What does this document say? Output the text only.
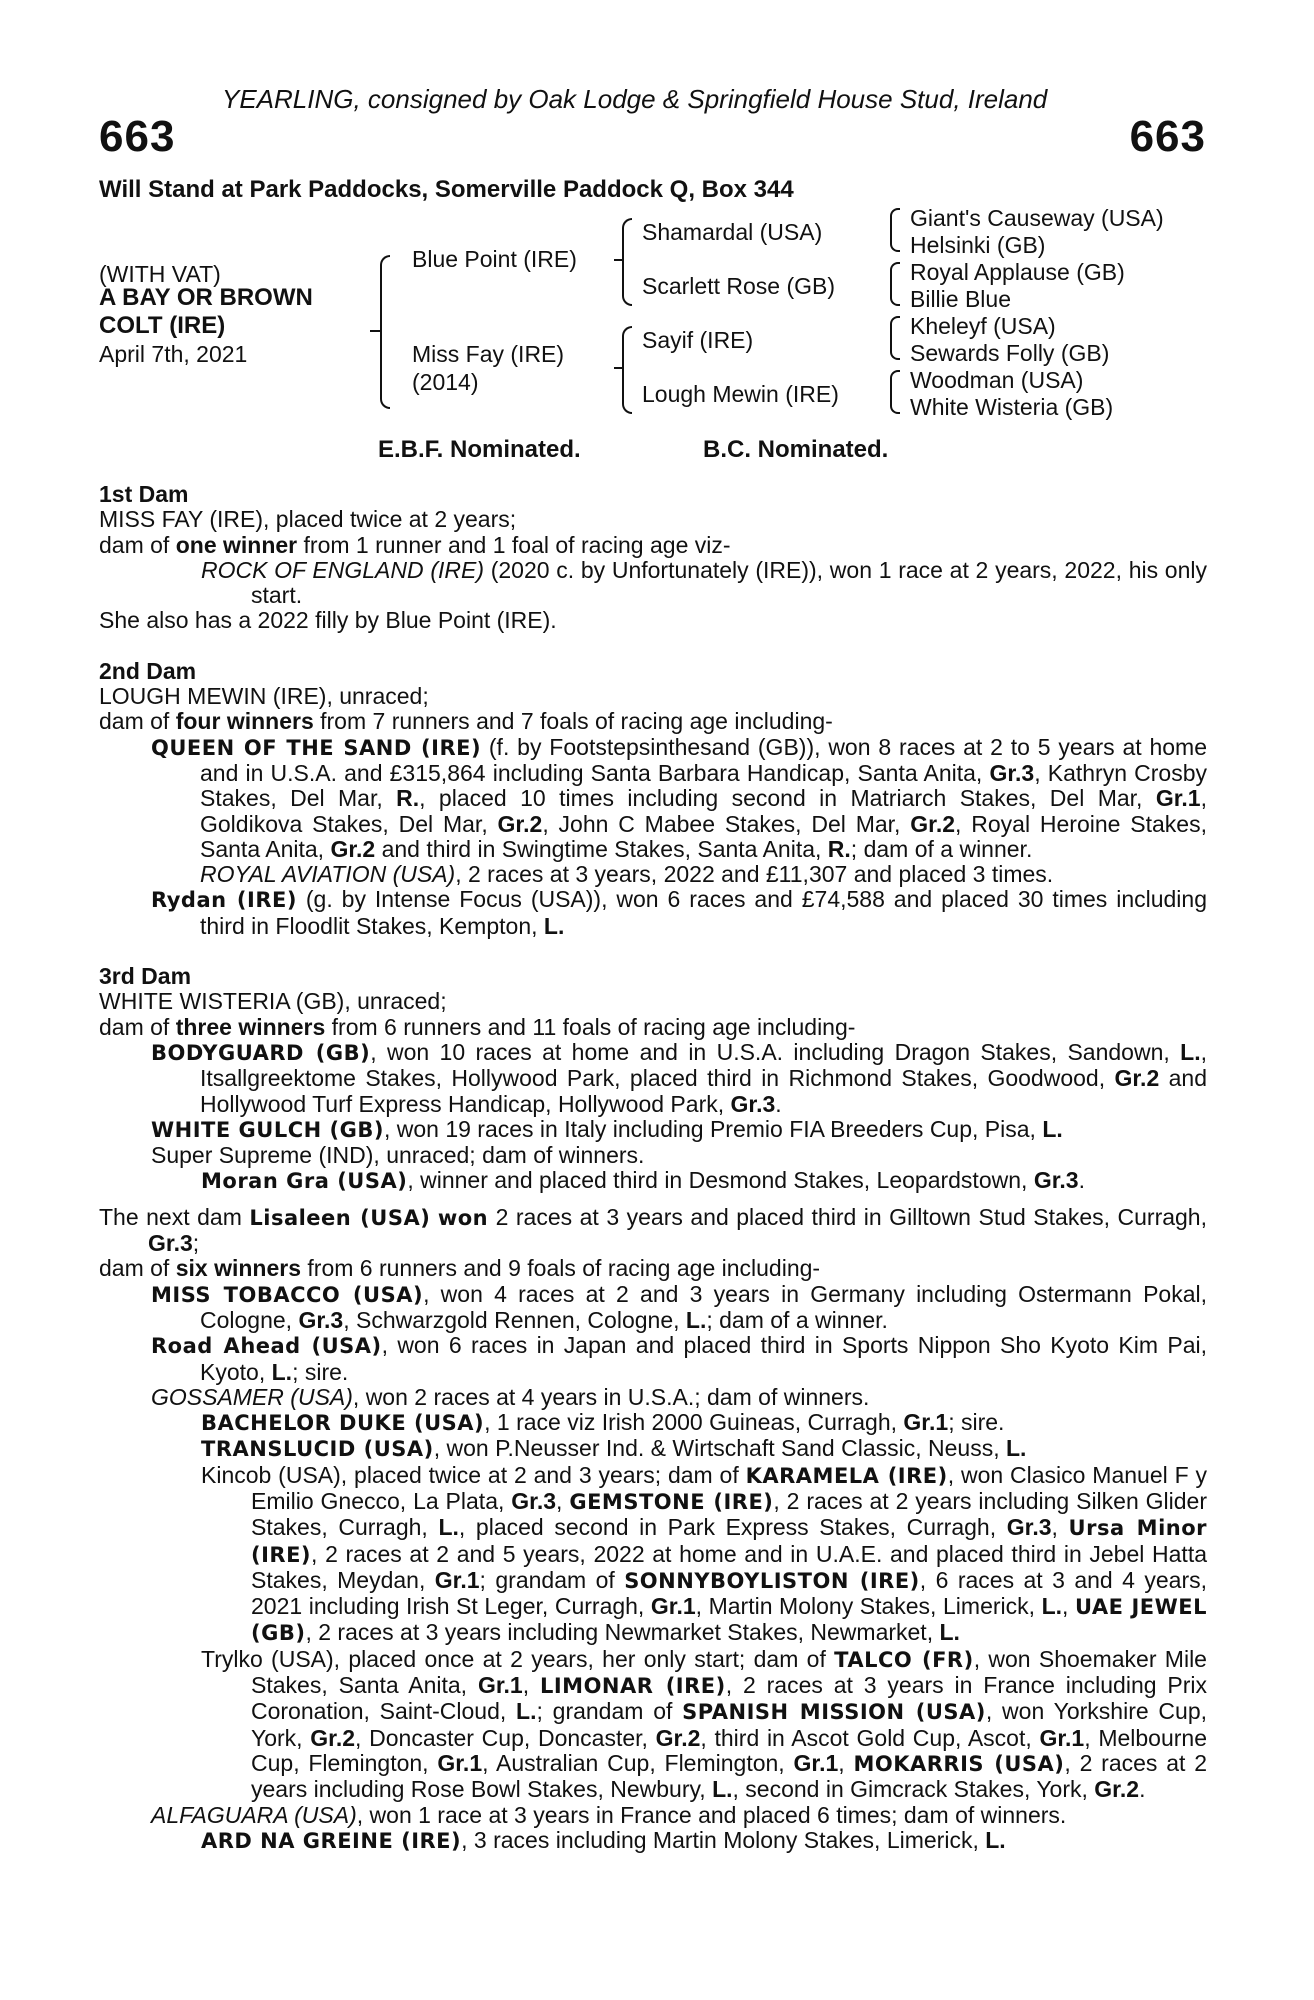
YEARLING, consigned by Oak Lodge & Springfield House Stud, Ireland
663	663
Will Stand at Park Paddocks, Somerville Paddock Q, Box 344
(WITH VAT)
A BAY OR BROWN
COLT (IRE)
April 7th, 2021
Blue Point (IRE)
Miss Fay (IRE)
(2014)
Shamardal (USA)
Scarlett Rose (GB)
Sayif (IRE)
Lough Mewin (IRE)
Giant's Causeway (USA)
Helsinki (GB)
Royal Applause (GB)
Billie Blue
Kheleyf (USA)
Sewards Folly (GB)
Woodman (USA)
White Wisteria (GB)
E.B.F. Nominated.	B.C. Nominated.

1st Dam

MISS FAY (IRE), placed twice at 2 years;

dam of one winner from 1 runner and 1 foal of racing age viz-

ROCK OF ENGLAND (IRE) (2020 c. by Unfortunately (IRE)), won 1 race at 2 years, 2022, his only start.

She also has a 2022 filly by Blue Point (IRE).

2nd Dam

LOUGH MEWIN (IRE), unraced;

dam of four winners from 7 runners and 7 foals of racing age including-

QUEEN OF THE SAND (IRE) (f. by Footstepsinthesand (GB)), won 8 races at 2 to 5 years at home and in U.S.A. and £315,864 including Santa Barbara Handicap, Santa Anita, Gr.3, Kathryn Crosby Stakes, Del Mar, R., placed 10 times including second in Matriarch Stakes, Del Mar, Gr.1, Goldikova Stakes, Del Mar, Gr.2, John C Mabee Stakes, Del Mar, Gr.2, Royal Heroine Stakes, Santa Anita, Gr.2 and third in Swingtime Stakes, Santa Anita, R.; dam of a winner.

ROYAL AVIATION (USA), 2 races at 3 years, 2022 and £11,307 and placed 3 times.

Rydan (IRE) (g. by Intense Focus (USA)), won 6 races and £74,588 and placed 30 times including third in Floodlit Stakes, Kempton, L.

3rd Dam

WHITE WISTERIA (GB), unraced;

dam of three winners from 6 runners and 11 foals of racing age including-

BODYGUARD (GB), won 10 races at home and in U.S.A. including Dragon Stakes, Sandown, L., Itsallgreektome Stakes, Hollywood Park, placed third in Richmond Stakes, Goodwood, Gr.2 and Hollywood Turf Express Handicap, Hollywood Park, Gr.3.

WHITE GULCH (GB), won 19 races in Italy including Premio FIA Breeders Cup, Pisa, L.

Super Supreme (IND), unraced; dam of winners.

Moran Gra (USA), winner and placed third in Desmond Stakes, Leopardstown, Gr.3.

The next dam Lisaleen (USA) won 2 races at 3 years and placed third in Gilltown Stud Stakes, Curragh, Gr.3;

dam of six winners from 6 runners and 9 foals of racing age including-

MISS TOBACCO (USA), won 4 races at 2 and 3 years in Germany including Ostermann Pokal, Cologne, Gr.3, Schwarzgold Rennen, Cologne, L.; dam of a winner.

Road Ahead (USA), won 6 races in Japan and placed third in Sports Nippon Sho Kyoto Kim Pai, Kyoto, L.; sire.

GOSSAMER (USA), won 2 races at 4 years in U.S.A.; dam of winners.

BACHELOR DUKE (USA), 1 race viz Irish 2000 Guineas, Curragh, Gr.1; sire.

TRANSLUCID (USA), won P.Neusser Ind. & Wirtschaft Sand Classic, Neuss, L.

Kincob (USA), placed twice at 2 and 3 years; dam of KARAMELA (IRE), won Clasico Manuel F y Emilio Gnecco, La Plata, Gr.3, GEMSTONE (IRE), 2 races at 2 years including Silken Glider Stakes, Curragh, L., placed second in Park Express Stakes, Curragh, Gr.3, Ursa Minor (IRE), 2 races at 2 and 5 years, 2022 at home and in U.A.E. and placed third in Jebel Hatta Stakes, Meydan, Gr.1; grandam of SONNYBOYLISTON (IRE), 6 races at 3 and 4 years, 2021 including Irish St Leger, Curragh, Gr.1, Martin Molony Stakes, Limerick, L., UAE JEWEL (GB), 2 races at 3 years including Newmarket Stakes, Newmarket, L.

Trylko (USA), placed once at 2 years, her only start; dam of TALCO (FR), won Shoemaker Mile Stakes, Santa Anita, Gr.1, LIMONAR (IRE), 2 races at 3 years in France including Prix Coronation, Saint-Cloud, L.; grandam of SPANISH MISSION (USA), won Yorkshire Cup, York, Gr.2, Doncaster Cup, Doncaster, Gr.2, third in Ascot Gold Cup, Ascot, Gr.1, Melbourne Cup, Flemington, Gr.1, Australian Cup, Flemington, Gr.1, MOKARRIS (USA), 2 races at 2 years including Rose Bowl Stakes, Newbury, L., second in Gimcrack Stakes, York, Gr.2.

ALFAGUARA (USA), won 1 race at 3 years in France and placed 6 times; dam of winners.

ARD NA GREINE (IRE), 3 races including Martin Molony Stakes, Limerick, L.
